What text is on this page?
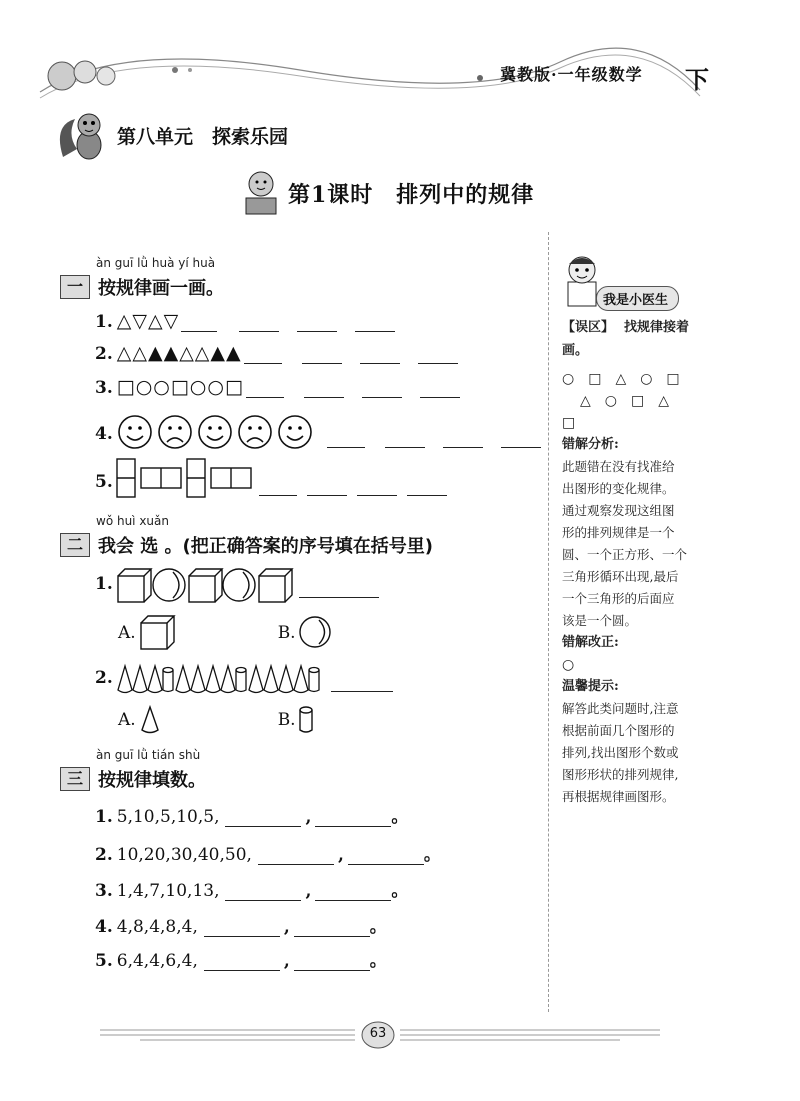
冀教版·一年级数学 下
第八单元　探索乐园
第1课时　排列中的规律
àn guī lǜ huà yí huà
一 按规律画一画。
1. △▽△▽
2. △△▲▲△△▲▲
3. □○○□○○□
4.
5.
wǒ huì xuǎn
二 我会 选 。(把正确答案的序号填在括号里)
1.
A.	B.
2.
A.	B.
àn guī lǜ tián shù
三 按规律填数。
1. 5,10,5,10,5,	,	。
2. 10,20,30,40,50,	,	。
3. 1,4,7,10,13,	,	。
4. 4,8,4,8,4,	,	。
5. 6,4,4,6,4,	,	。
我是小医生
【误区】 找规律接着画。
○　□　△　○　□
△　○　□　△
□
错解分析:
此题错在没有找准给
出图形的变化规律。
通过观察发现这组图
形的排列规律是一个
圆、一个正方形、一个
三角形循环出现,最后
一个三角形的后面应
该是一个圆。
错解改正:
○
温馨提示:
解答此类问题时,注意
根据前面几个图形的
排列,找出图形个数或
图形形状的排列规律,
再根据规律画图形。
63
